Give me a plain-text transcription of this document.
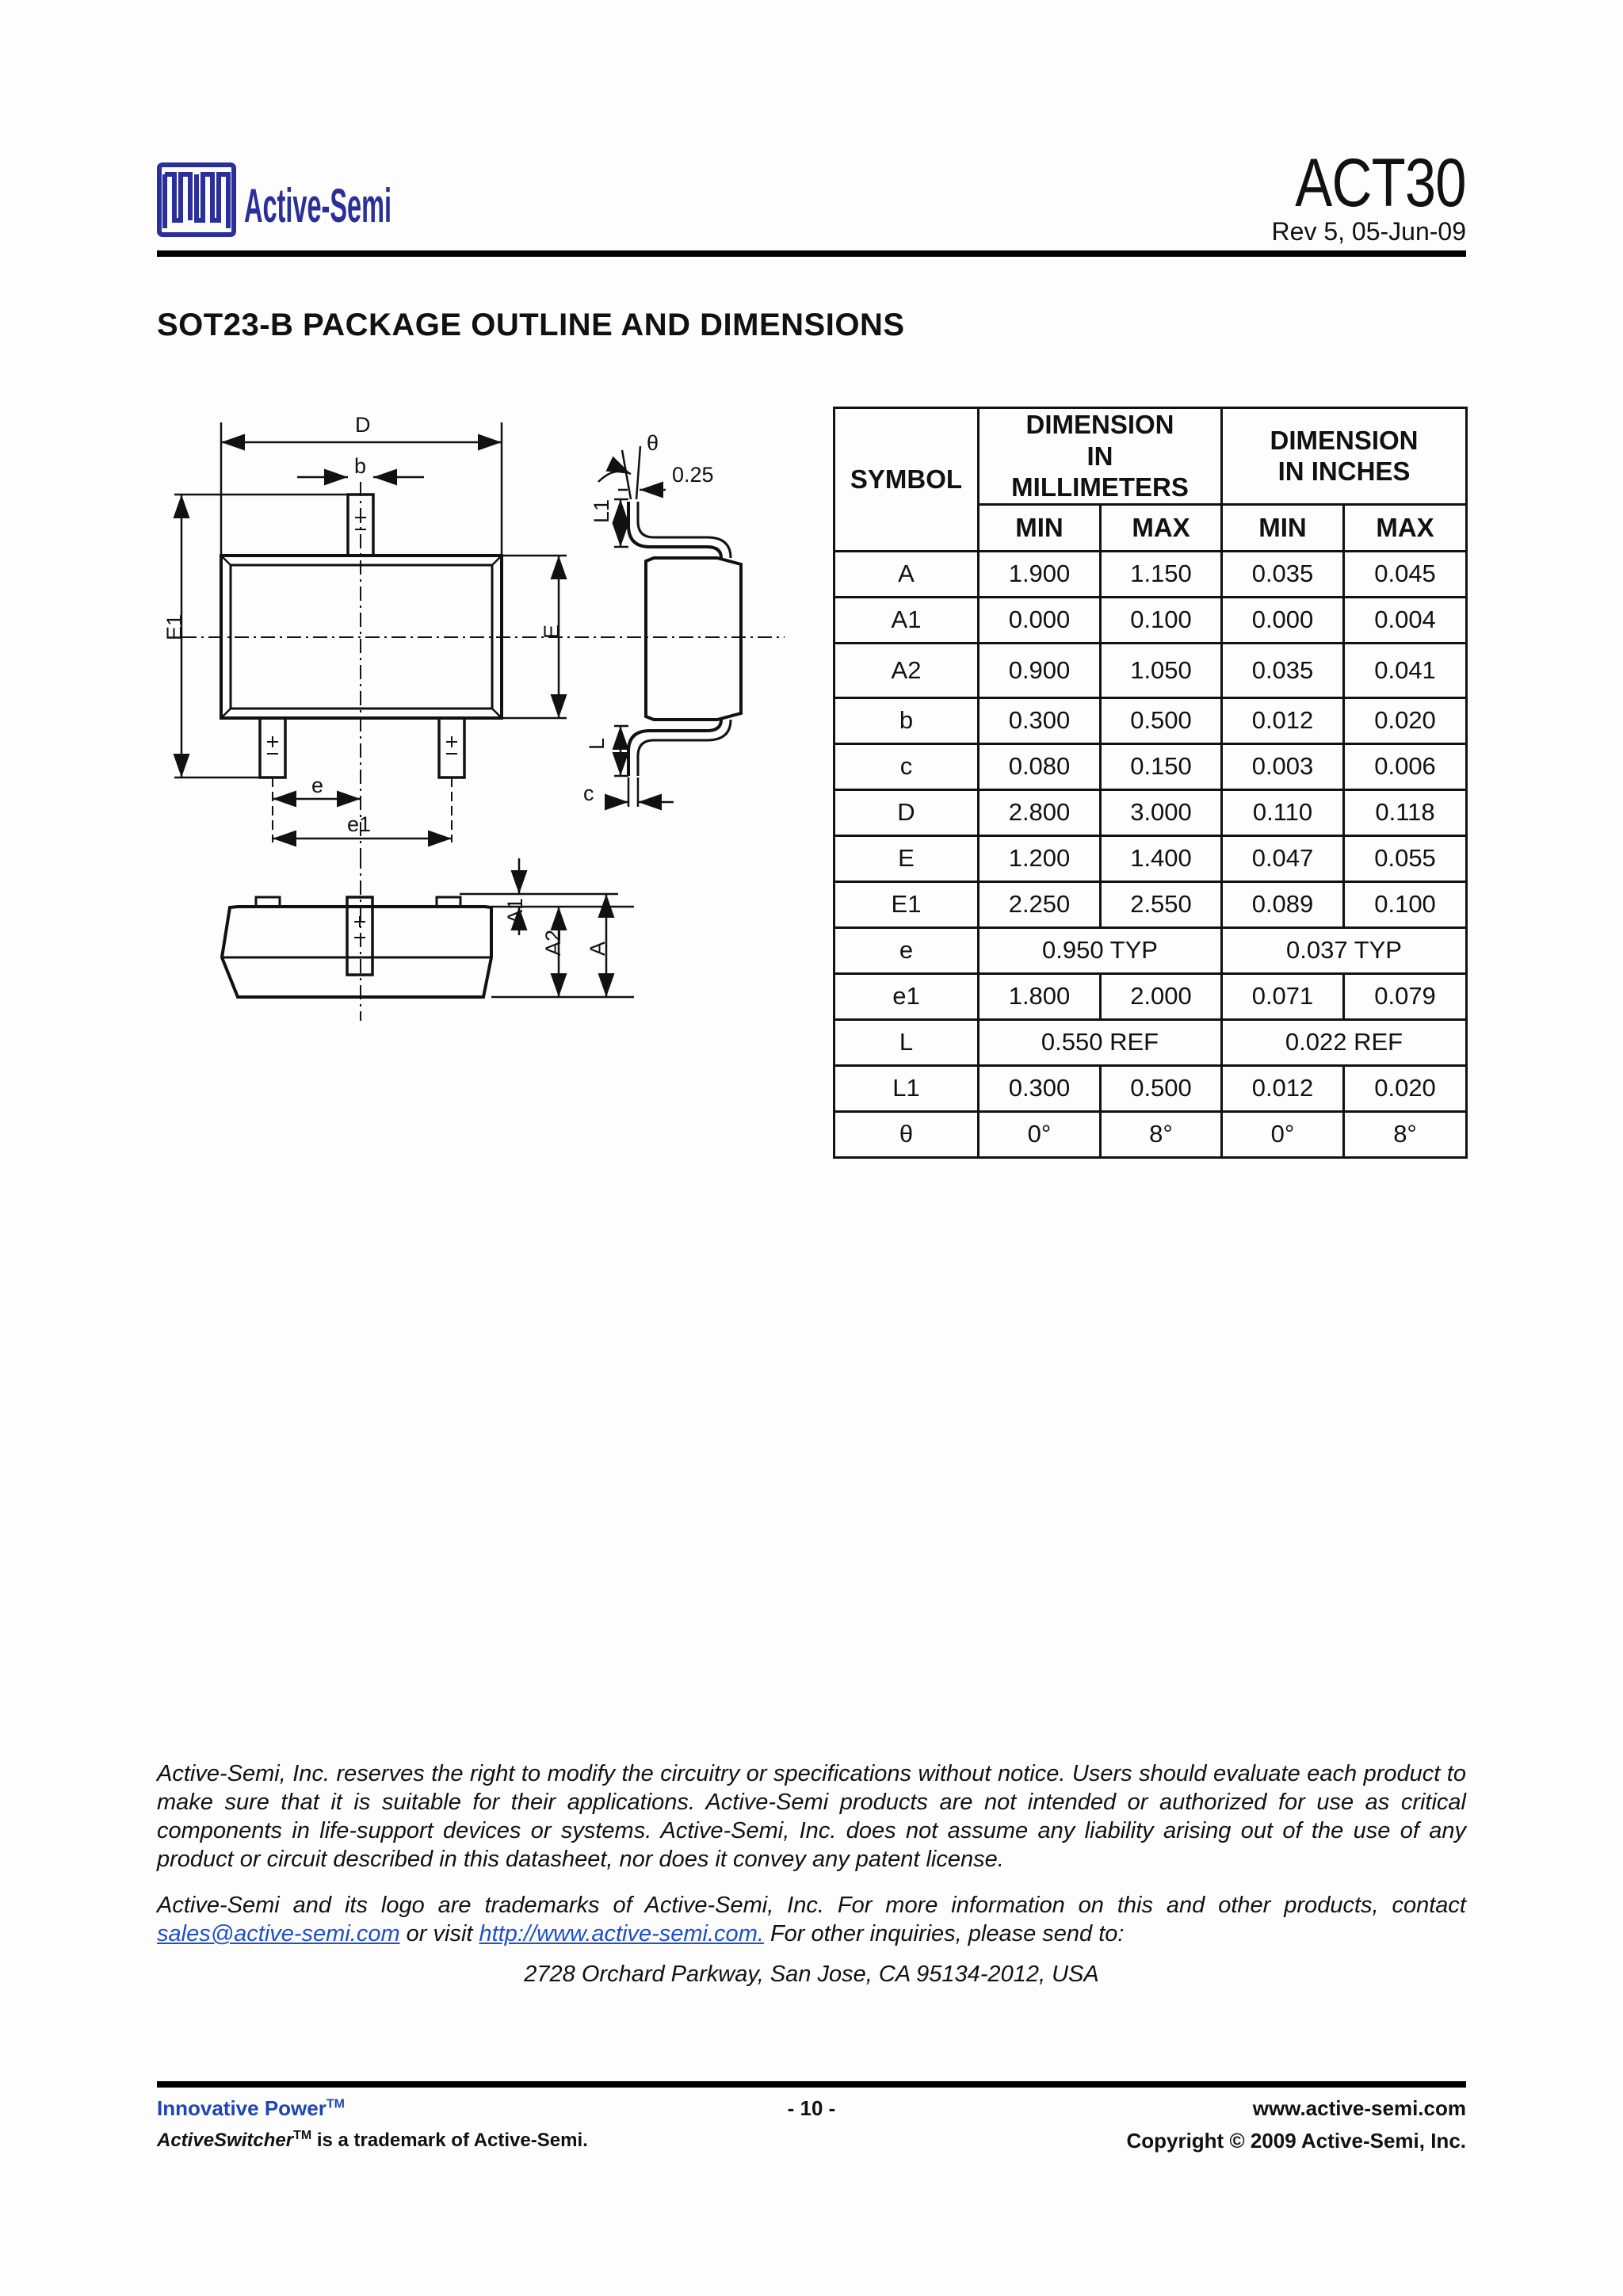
Active-Semi	ACT30
Rev 5, 05-Jun-09
SOT23-B PACKAGE OUTLINE AND DIMENSIONS
D
b
E1	E
e
e1
θ
0.25
L1
L
c
A1
A2 A
SYMBOL	DIMENSION IN MILLIMETERS		DIMENSION IN INCHES	
	MIN	MAX	MIN	MAX
A	1.900	1.150	0.035	0.045
A1	0.000	0.100	0.000	0.004
A2	0.900	1.050	0.035	0.041
b	0.300	0.500	0.012	0.020
c	0.080	0.150	0.003	0.006
D	2.800	3.000	0.110	0.118
E	1.200	1.400	0.047	0.055
E1	2.250	2.550	0.089	0.100
e	0.950 TYP		0.037 TYP	
e1	1.800	2.000	0.071	0.079
L	0.550 REF		0.022 REF	
L1	0.300	0.500	0.012	0.020
θ	0°	8°	0°	8°
Active-Semi, Inc. reserves the right to modify the circuitry or specifications without notice. Users should evaluate each product to make sure that it is suitable for their applications. Active-Semi products are not intended or authorized for use as critical components in life-support devices or systems. Active-Semi, Inc. does not assume any liability arising out of the use of any product or circuit described in this datasheet, nor does it convey any patent license.
Active-Semi and its logo are trademarks of Active-Semi, Inc. For more information on this and other products, contact sales@active-semi.com or visit http://www.active-semi.com. For other inquiries, please send to:
2728 Orchard Parkway, San Jose, CA 95134-2012, USA
Innovative Power™
ActiveSwitcher™ is a trademark of Active-Semi.
- 10 -	www.active-semi.com
Copyright © 2009 Active-Semi, Inc.
